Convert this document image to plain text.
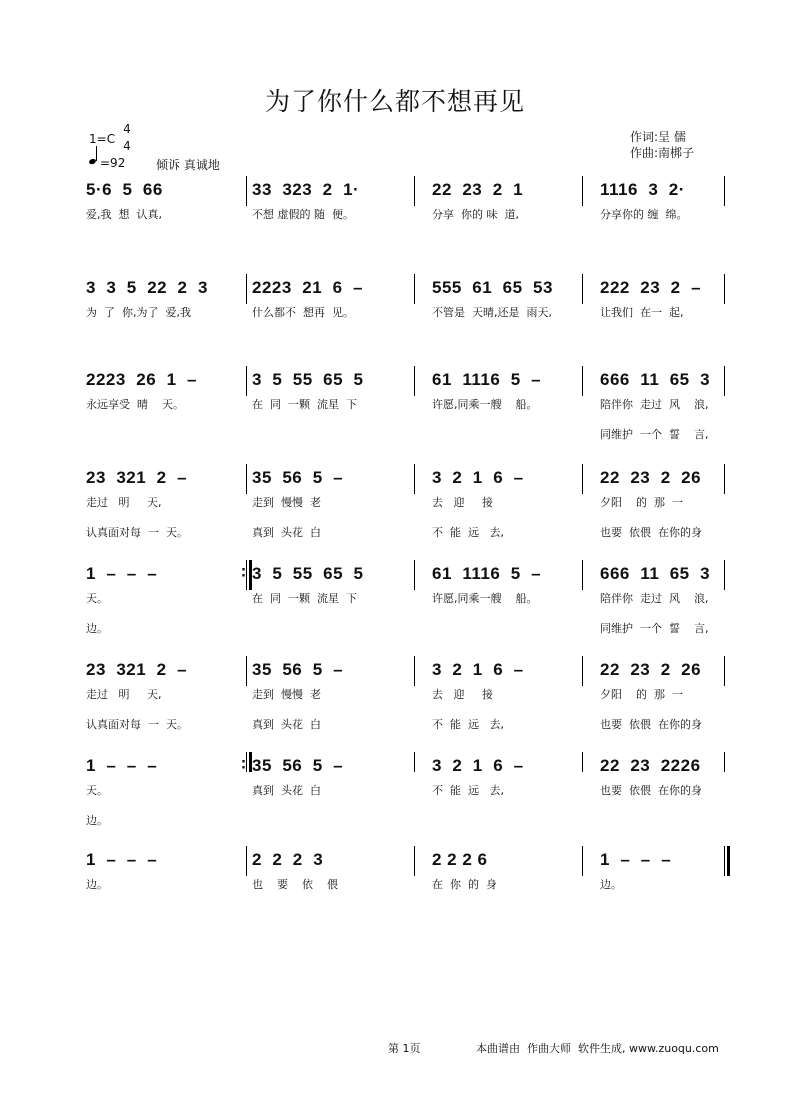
为了你什么都不想再见
1=C
4
4
=92	倾诉 真诚地
作词:呈 儒
作曲:南梆子
5·6  5  66
爱,我  想  认真,
33  323  2  1·
不想 虚假的 随  便。
22  23  2  1
分享  你的 味  道,
1116  3  2·
分享你的 缠  绵。
3  3  5  22  2  3
为  了  你,为了  爱,我
2223  21  6  –
什么都不  想再  见。
555  61  65  53
不管是  天晴,还是  雨天,
222  23  2  –
让我们  在一  起,
2223  26  1  –
永远享受  晴    天。
3  5  55  65  5
在  同  一颗  流星  下
61  1116  5  –
许愿,同乘一艘    船。
666  11  65  3
陪伴你  走过  风    浪,
同维护  一个  誓    言,
23  321  2  –
走过   明     天,
认真面对每  一  天。
35  56  5  –
走到  慢慢  老
真到  头花  白
3  2  1  6  –
去   迎     接
不  能  远   去,
22  23  2  26
夕阳    的  那  一
也要  依偎  在你的身
1  –  –  –
天。
边。
3  5  55  65  5
在  同  一颗  流星  下
61  1116  5  –
许愿,同乘一艘    船。
666  11  65  3
陪伴你  走过  风    浪,
同维护  一个  誓    言,
·
·
23  321  2  –
走过   明     天,
认真面对每  一  天。
35  56  5  –
走到  慢慢  老
真到  头花  白
3  2  1  6  –
去   迎     接
不  能  远   去,
22  23  2  26
夕阳    的  那  一
也要  依偎  在你的身
1  –  –  –
天。
边。
35  56  5  –
真到  头花  白
3  2  1  6  –
不  能  远   去,
22  23  2226
也要  依偎  在你的身
·
·
1  –  –  –
边。
2  2  2  3
也    要    依    偎
2 2 2 6
在  你  的  身
1  –  –  –
边。
第 1页	本曲谱由  作曲大师  软件生成, www.zuoqu.com
